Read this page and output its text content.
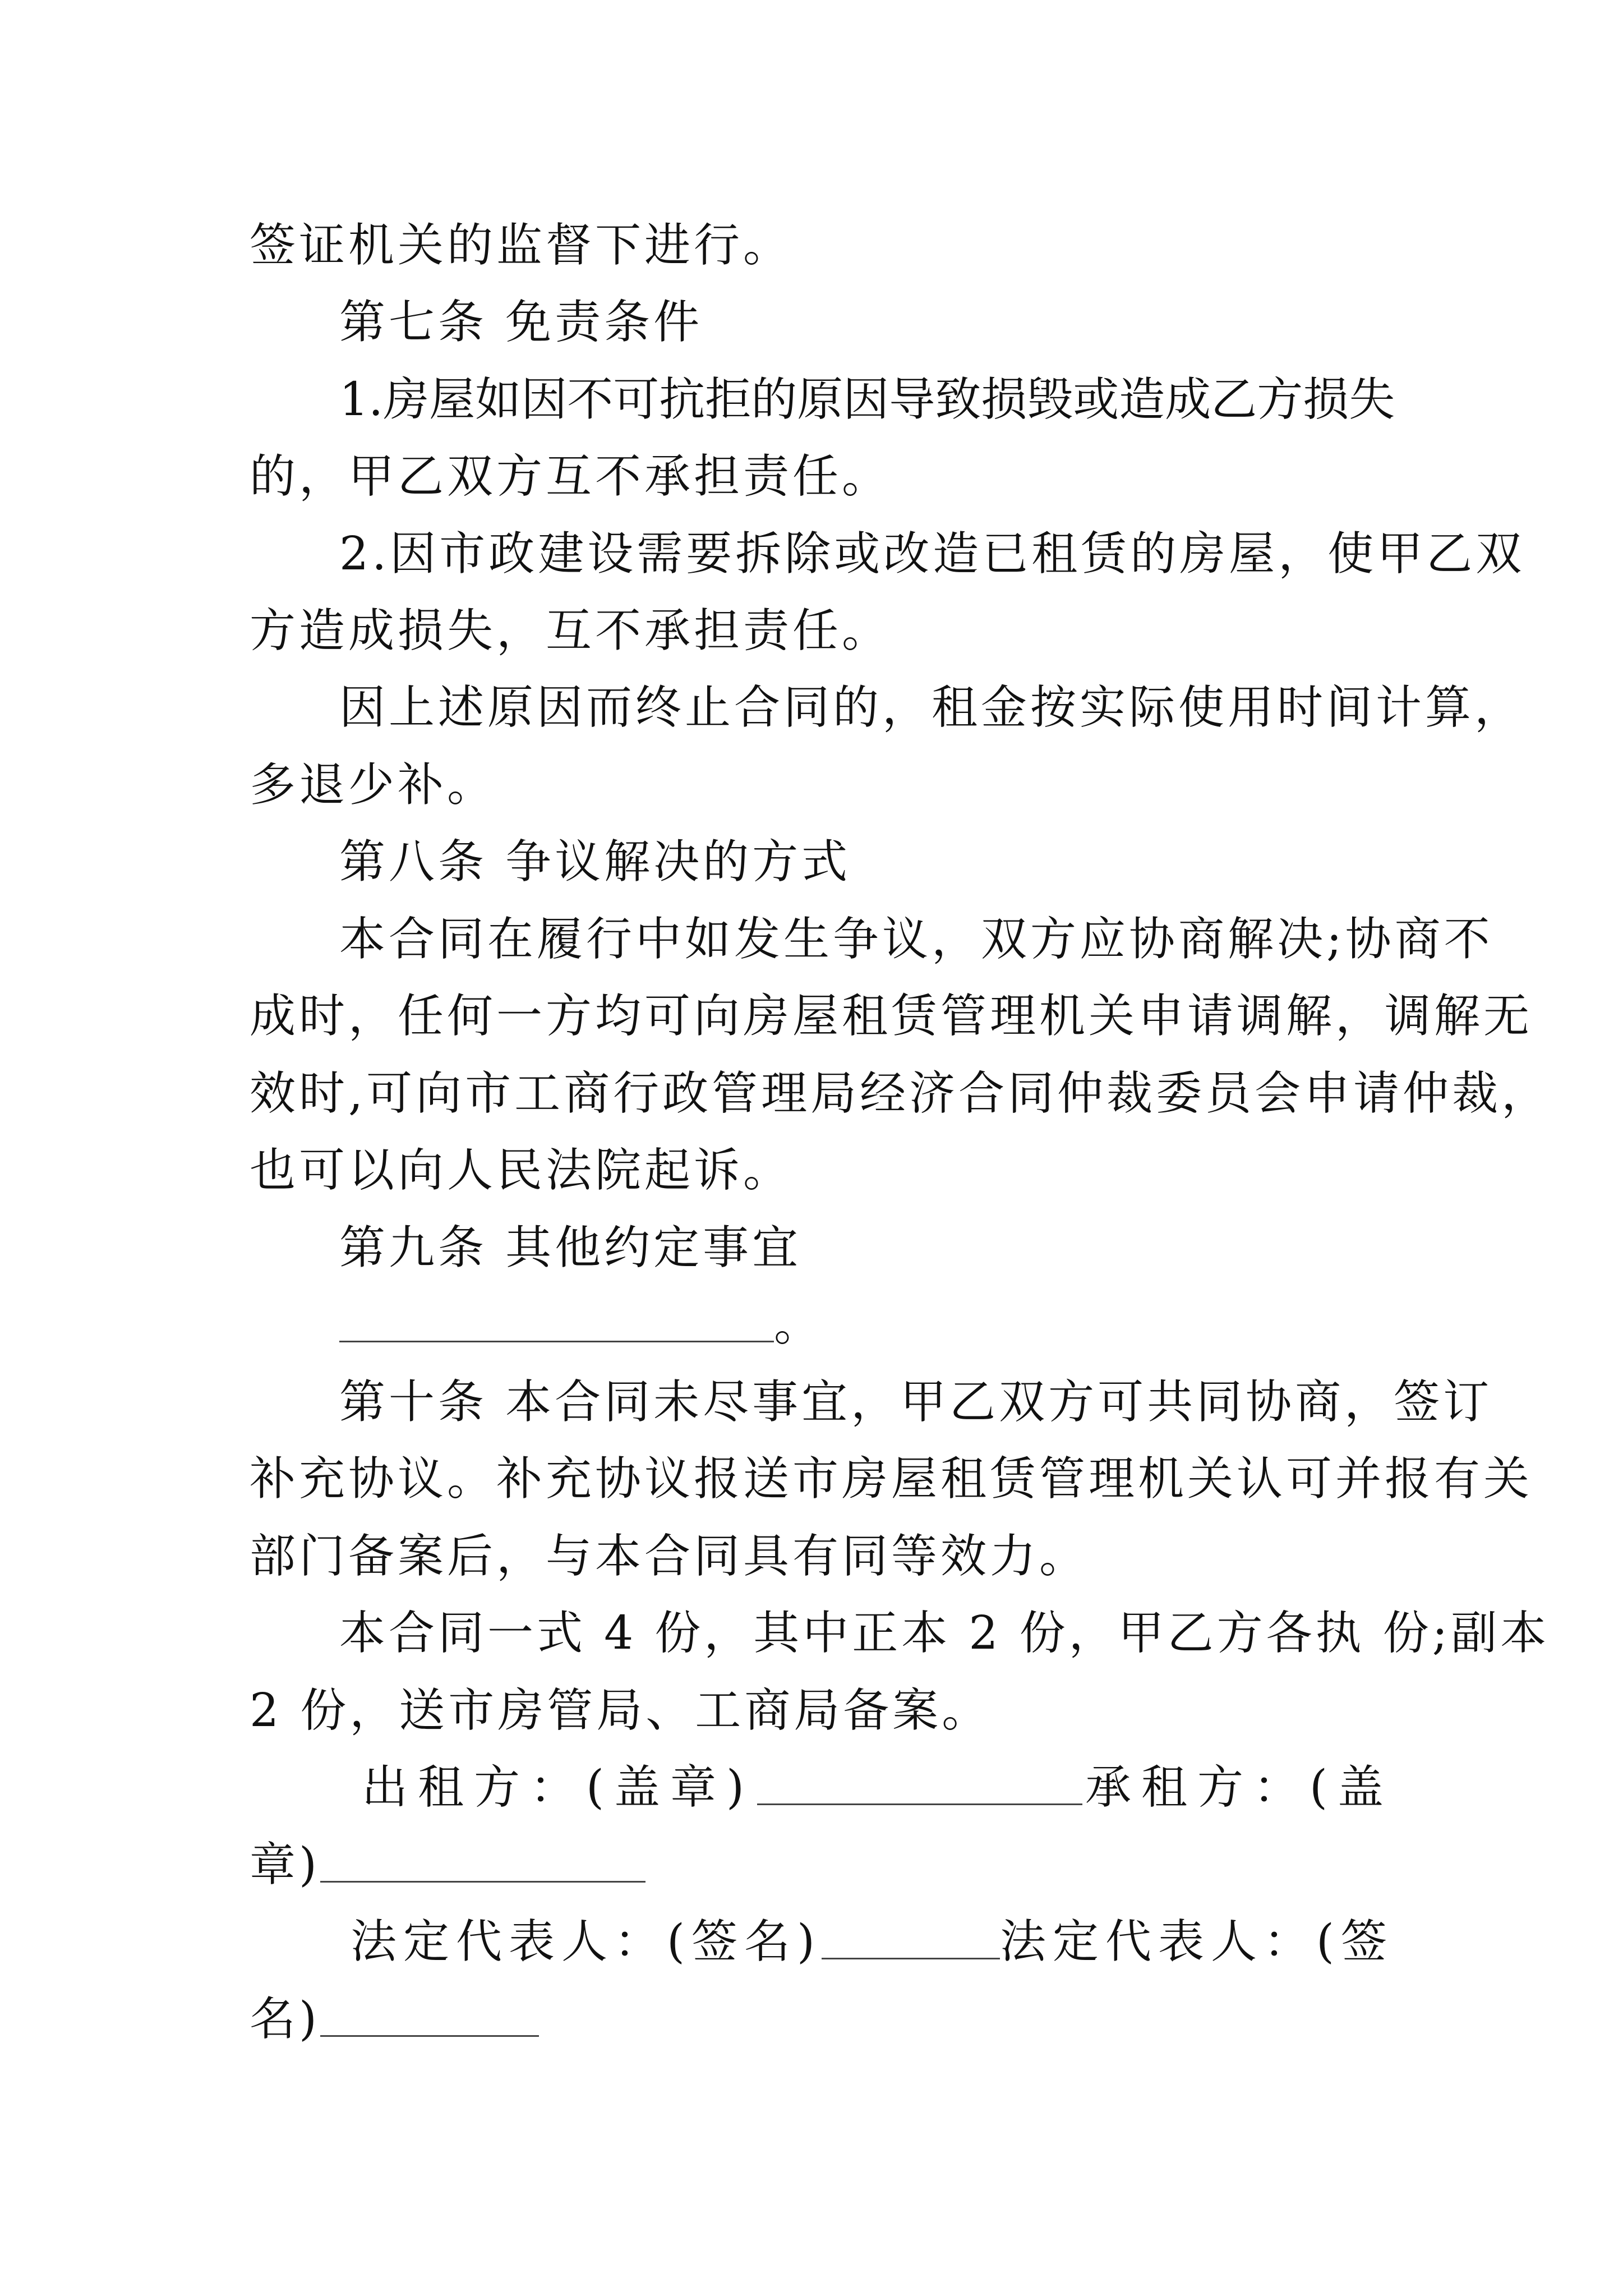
签证机关的监督下进行。
第七条 免责条件
1.房屋如因不可抗拒的原因导致损毁或造成乙方损失
的，甲乙双方互不承担责任。
2.因市政建设需要拆除或改造已租赁的房屋，使甲乙双
方造成损失，互不承担责任。
因上述原因而终止合同的，租金按实际使用时间计算，
多退少补。
第八条 争议解决的方式
本合同在履行中如发生争议，双方应协商解决;协商不
成时，任何一方均可向房屋租赁管理机关申请调解，调解无
效时,可向市工商行政管理局经济合同仲裁委员会申请仲裁，
也可以向人民法院起诉。
第九条 其他约定事宜
。
第十条 本合同未尽事宜，甲乙双方可共同协商，签订
补充协议。补充协议报送市房屋租赁管理机关认可并报有关
部门备案后，与本合同具有同等效力。
本合同一式 4 份，其中正本 2 份，甲乙方各执 份;副本
2 份，送市房管局、工商局备案。
出租方：(盖章)	承租方：(盖
章)
法定代表人：(签名)	法定代表人：(签
名)
